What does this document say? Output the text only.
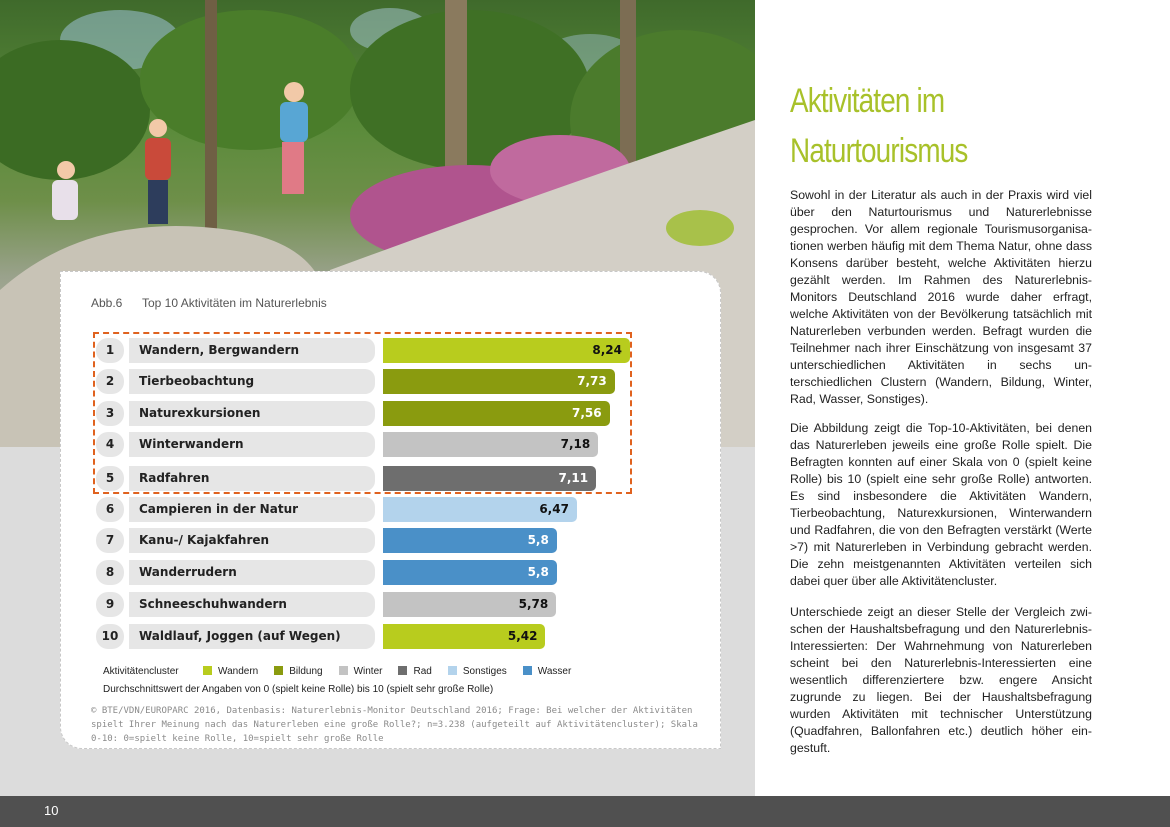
Abb.6 Top 10 Aktivitäten im Naturerlebnis
1	Wandern, Bergwandern	8,24
2	Tierbeobachtung	7,73
3	Naturexkursionen	7,56
4	Winterwandern	7,18
5	Radfahren	7,11
6	Campieren in der Natur	6,47
7	Kanu-/ Kajakfahren	5,8
8	Wanderrudern	5,8
9	Schneeschuhwandern	5,78
10	Waldlauf, Joggen (auf Wegen)	5,42
Aktivitätencluster	Wandern	Bildung	Winter	Rad	Sonstiges	Wasser
Durchschnittswert der Angaben von 0 (spielt keine Rolle) bis 10 (spielt sehr große Rolle)
© BTE/VDN/EUROPARC 2016, Datenbasis: Naturerlebnis-Monitor Deutschland 2016; Frage: Bei welcher der Aktivitäten spielt Ihrer Meinung nach das Naturerleben eine große Rolle?; n=3.238 (aufgeteilt auf Aktivitätencluster); Skala 0-10: 0=spielt keine Rolle, 10=spielt sehr große Rolle
Aktivitäten im Naturtourismus
Sowohl in der Literatur als auch in der Praxis wird viel über den Naturtourismus und Naturerlebnisse gesprochen. Vor allem regionale Tourismusorganisationen werben häufig mit dem Thema Natur, ohne dass Konsens darüber besteht, welche Aktivitäten hierzu gezählt werden. Im Rahmen des Naturerlebnis-Monitors Deutschland 2016 wurde daher erfragt, welche Aktivitäten von der Bevölkerung tatsächlich mit Naturerleben verbunden werden. Befragt wurden die Teilnehmer nach ihrer Einschätzung von insgesamt 37 unterschiedlichen Aktivitäten in sechs unterschiedlichen Clustern (Wandern, Bildung, Winter, Rad, Wasser, Sonstiges).
Die Abbildung zeigt die Top-10-Aktivitäten, bei denen das Naturerleben jeweils eine große Rolle spielt. Die Befragten konnten auf einer Skala von 0 (spielt keine Rolle) bis 10 (spielt eine sehr große Rolle) antworten. Es sind insbesondere die Aktivitäten Wandern, Tierbeobachtung, Naturexkursionen, Winterwandern und Radfahren, die von den Befragten verstärkt (Werte >7) mit Naturerleben in Verbindung gebracht werden. Die zehn meistgenannten Aktivitäten verteilen sich dabei quer über alle Aktivitätencluster.
Unterschiede zeigt an dieser Stelle der Vergleich zwischen der Haushaltsbefragung und den Naturerlebnis-Interessierten: Der Wahrnehmung von Naturerleben scheint bei den Naturerlebnis-Interessierten eine wesentlich differenziertere bzw. engere Ansicht zugrunde zu liegen. Bei der Haushaltsbefragung wurden Aktivitäten mit technischer Unterstützung (Quadfahren, Ballonfahren etc.) deutlich höher eingestuft.
10
